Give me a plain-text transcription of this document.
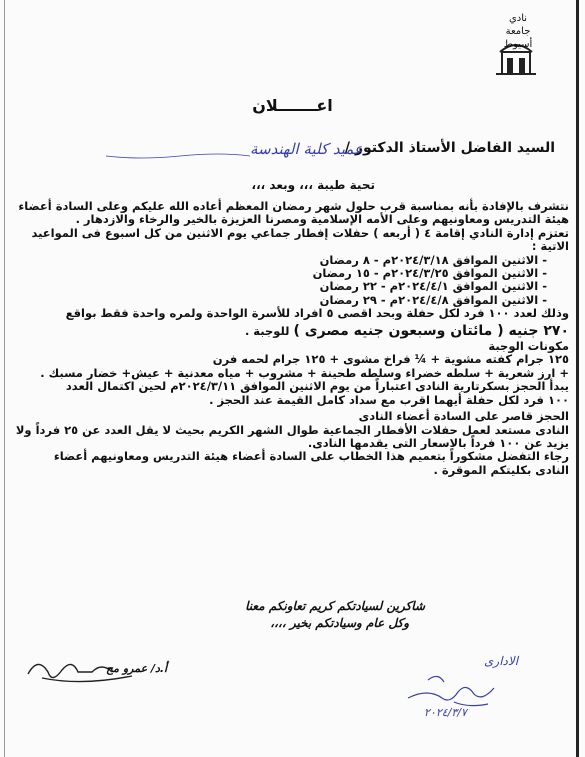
نادي
جامعة
أسيوط
اعـــــــلان
السيد الفاضل الأستاذ الدكتور /
عميد كلية الهندسة
تحية طيبة ،،، وبعد ،،،
نتشرف بالإفادة بأنه بمناسبة قرب حلول شهر رمضان المعظم أعاده الله عليكم وعلى السادة أعضاء
هيئة التدريس ومعاونيهم وعلى الأمه الإسلامية ومصرنا العزيزة بالخير والرخاء والازدهار .
تعتزم إدارة النادي إقامة ٤ ( أربعه ) حفلات إفطار جماعي يوم الاثنين من كل اسبوع فى المواعيد
الاتية :
- الاثنين الموافق ٢٠٢٤/٣/١٨م - ٨ رمضان
- الاثنين الموافق ٢٠٢٤/٣/٢٥م - ١٥ رمضان
- الاثنين الموافق ٢٠٢٤/٤/١م - ٢٢ رمضان
- الاثنين الموافق ٢٠٢٤/٤/٨م - ٢٩ رمضان
وذلك لعدد ١٠٠ فرد لكل حفلة وبحد اقصى ٥ افراد للأسرة الواحدة ولمره واحدة فقط بواقع
٢٧٠ جنيه ( مائتان وسبعون جنيه مصرى ) للوجبة .
مكونات الوجبة
١٢٥ جرام كفته مشوية + ¼ فراخ مشوى + ١٢٥ جرام لحمه فرن
+ ارز شعرية + سلطه خضراء وسلطه طحينة + مشروب + مياه معدنية + عيش+ خضار مسبك .
يبدأ الحجز بسكرتارية النادى اعتباراً من يوم الاثنين الموافق ٢٠٢٤/٣/١١م لحين اكتمال العدد
١٠٠ فرد لكل حفلة أيهما اقرب مع سداد كامل القيمة عند الحجز .
الحجز قاصر على السادة أعضاء النادى
النادى مستعد لعمل حفلات الأفطار الجماعية طوال الشهر الكريم بحيث لا يقل العدد عن ٢٥ فرداً ولا
يزيد عن ١٠٠ فرداً بالاسعار التى يقدمها النادى.
رجاء التفضل مشكوراً بتعميم هذا الخطاب على السادة أعضاء هيئة التدريس ومعاونيهم أعضاء
النادى بكليتكم الموقرة .
شاكرين لسيادتكم كريم تعاونكم معنا
وكل عام وسيادتكم بخير ،،،،
أ.د/ عمرو مح
الادارى
٢٠٢٤/٣/٧
